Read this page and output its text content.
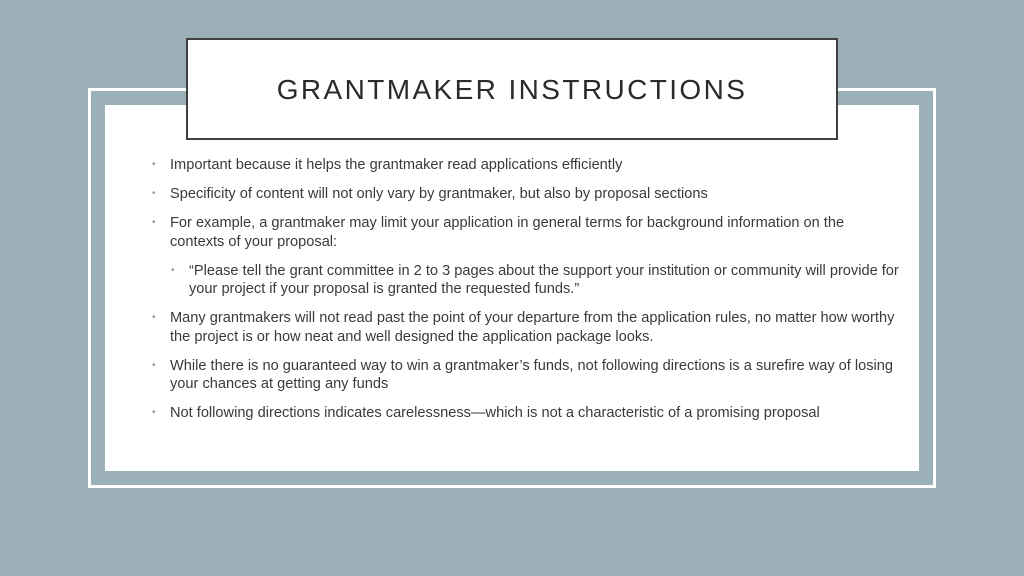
GRANTMAKER INSTRUCTIONS
• Important because it helps the grantmaker read applications efficiently
• Specificity of content will not only vary by grantmaker, but also by proposal sections
• For example, a grantmaker may limit your application in general terms for background information on the contexts of your proposal:
• “Please tell the grant committee in 2 to 3 pages about the support your institution or community will provide for your project if your proposal is granted the requested funds.”
• Many grantmakers will not read past the point of your departure from the application rules, no matter how worthy the project is or how neat and well designed the application package looks.
• While there is no guaranteed way to win a grantmaker’s funds, not following directions is a surefire way of losing your chances at getting any funds
• Not following directions indicates carelessness—which is not a characteristic of a promising proposal
